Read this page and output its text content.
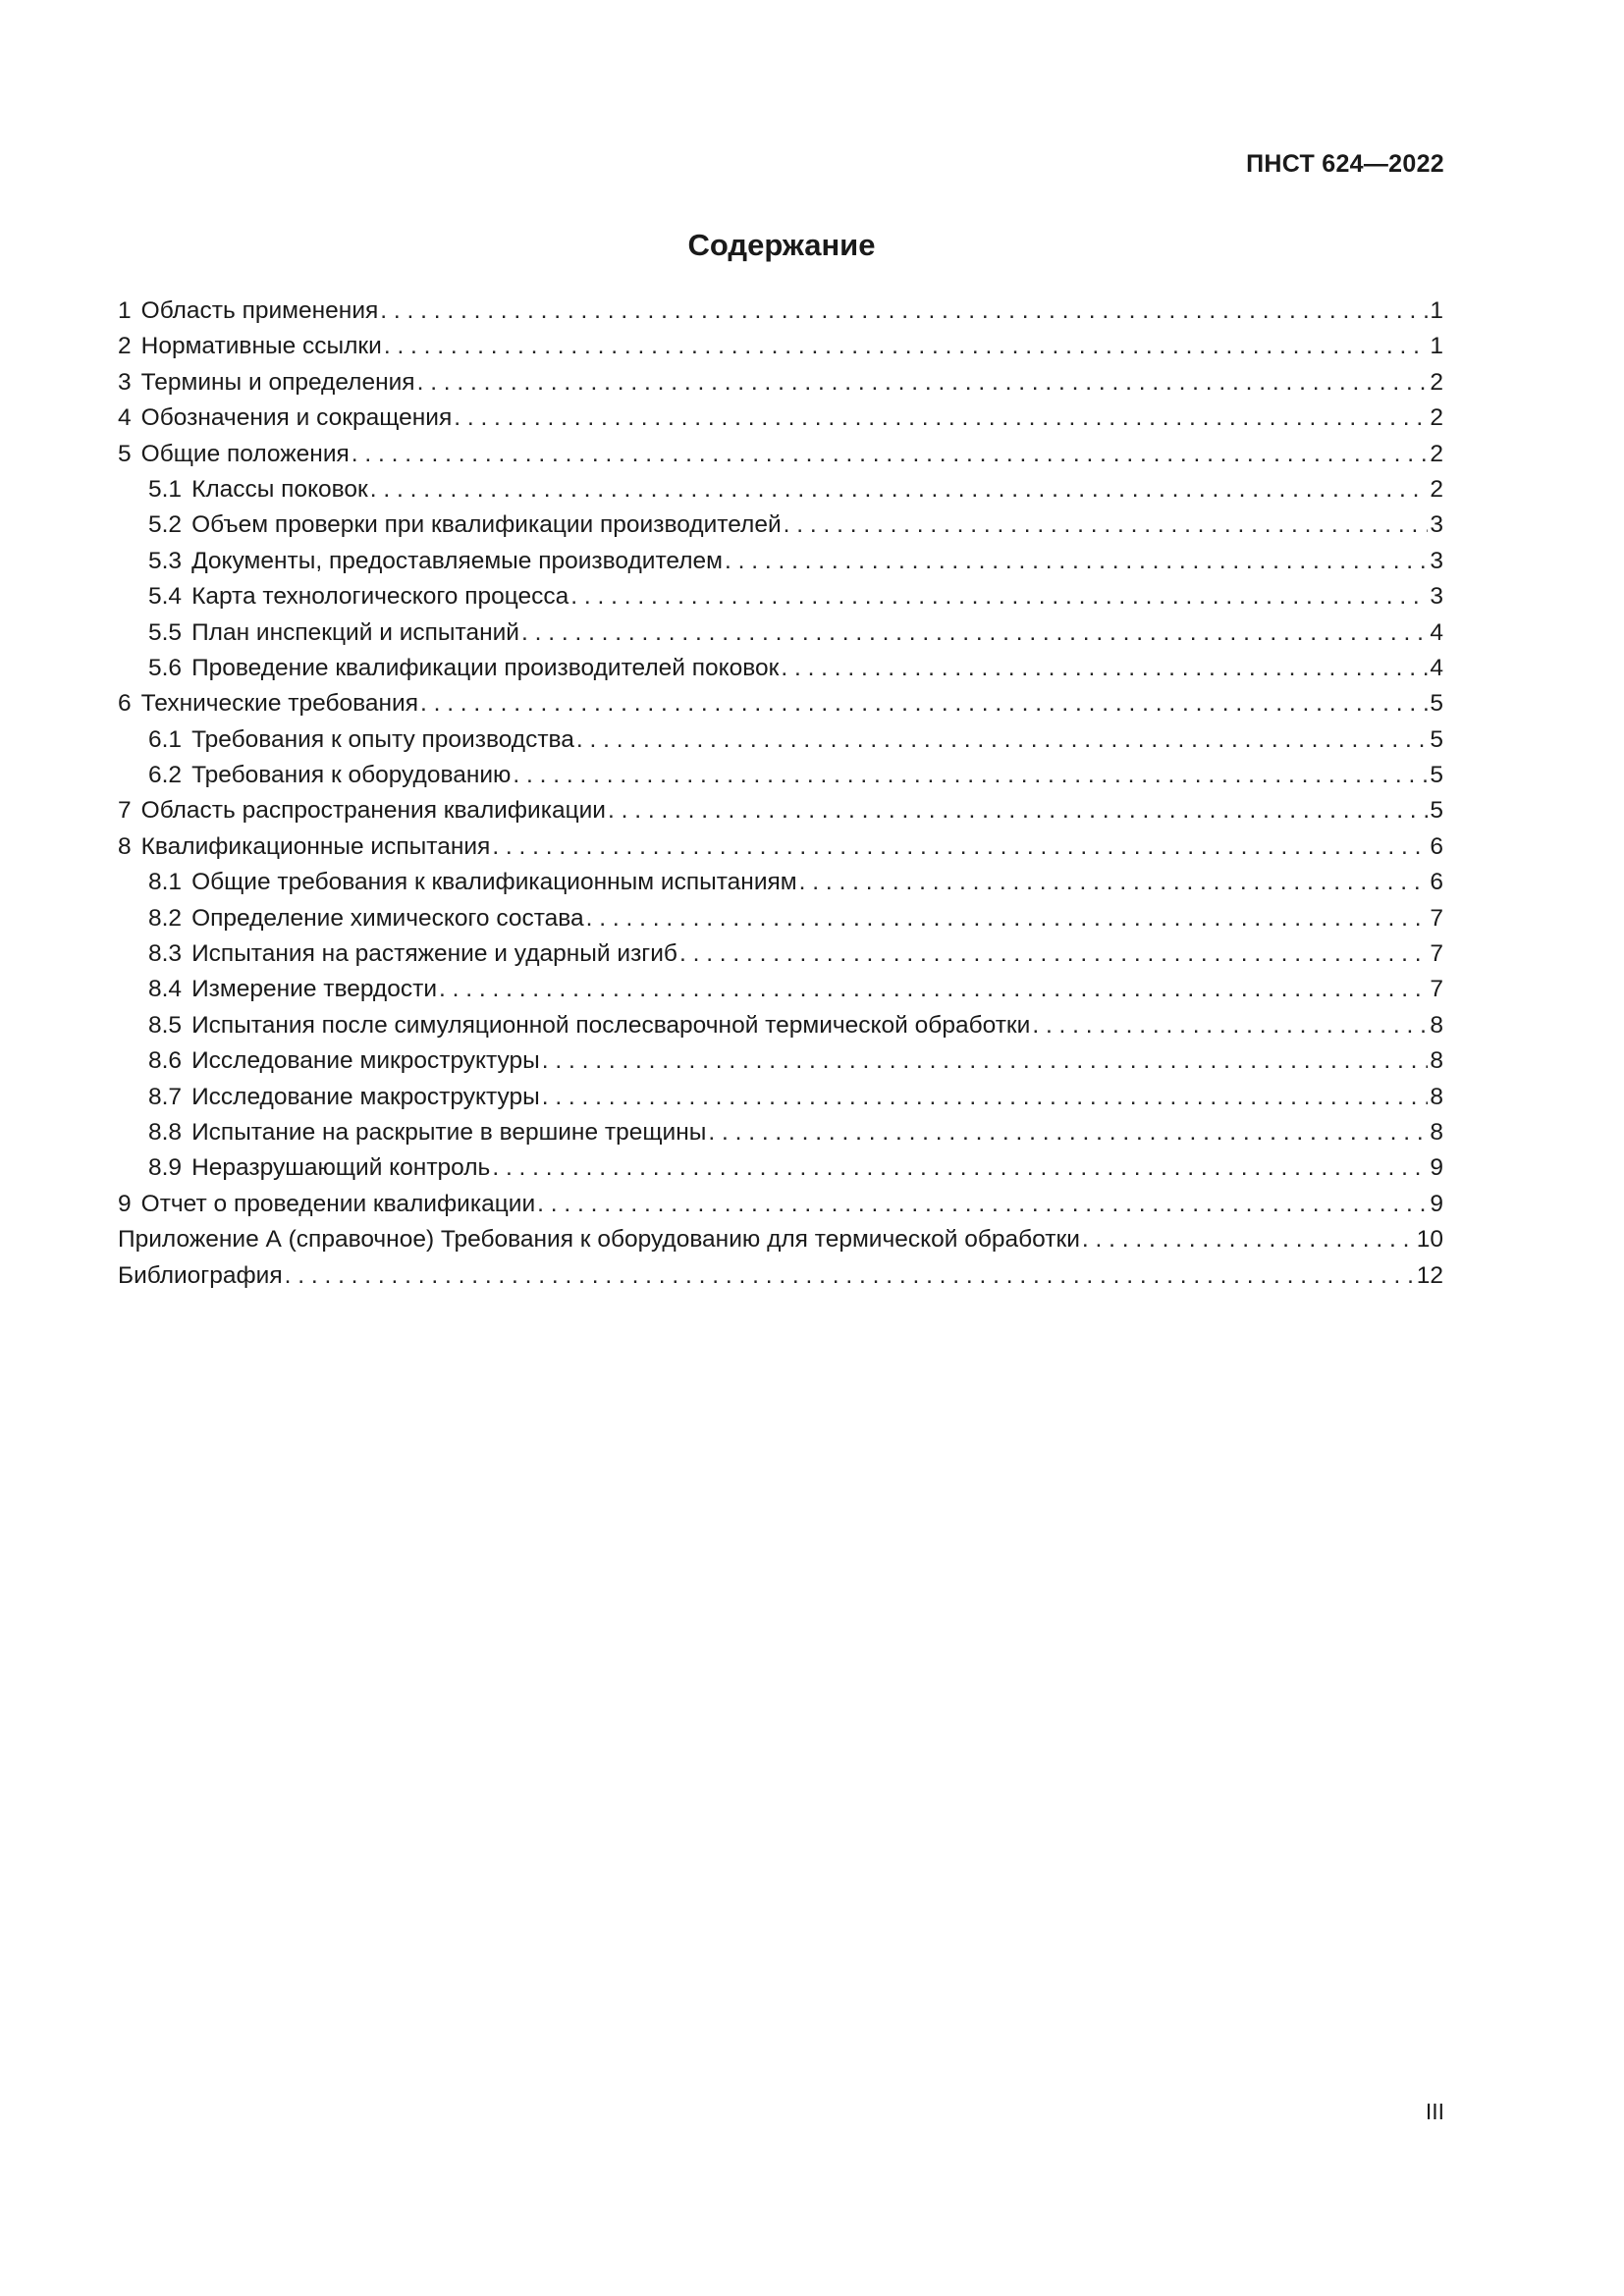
ПНСТ 624—2022
Содержание
1 Область применения . . .	1
2 Нормативные ссылки . . .	1
3 Термины и определения . . .	2
4 Обозначения и сокращения . . .	2
5 Общие положения . . .	2
5.1 Классы поковок . . .	2
5.2 Объем проверки при квалификации производителей . . .	3
5.3 Документы, предоставляемые производителем . . .	3
5.4 Карта технологического процесса . . .	3
5.5 План инспекций и испытаний . . .	4
5.6 Проведение квалификации производителей поковок . . .	4
6 Технические требования . . .	5
6.1 Требования к опыту производства . . .	5
6.2 Требования к оборудованию . . .	5
7 Область распространения квалификации . . .	5
8 Квалификационные испытания . . .	6
8.1 Общие требования к квалификационным испытаниям . . .	6
8.2 Определение химического состава . . .	7
8.3 Испытания на растяжение и ударный изгиб . . .	7
8.4 Измерение твердости . . .	7
8.5 Испытания после симуляционной послесварочной термической обработки . . .	8
8.6 Исследование микроструктуры . . .	8
8.7 Исследование макроструктуры . . .	8
8.8 Испытание на раскрытие в вершине трещины . . .	8
8.9 Неразрушающий контроль . . .	9
9 Отчет о проведении квалификации . . .	9
Приложение А (справочное) Требования к оборудованию для термической обработки . . .	10
Библиография . . .	12
III
